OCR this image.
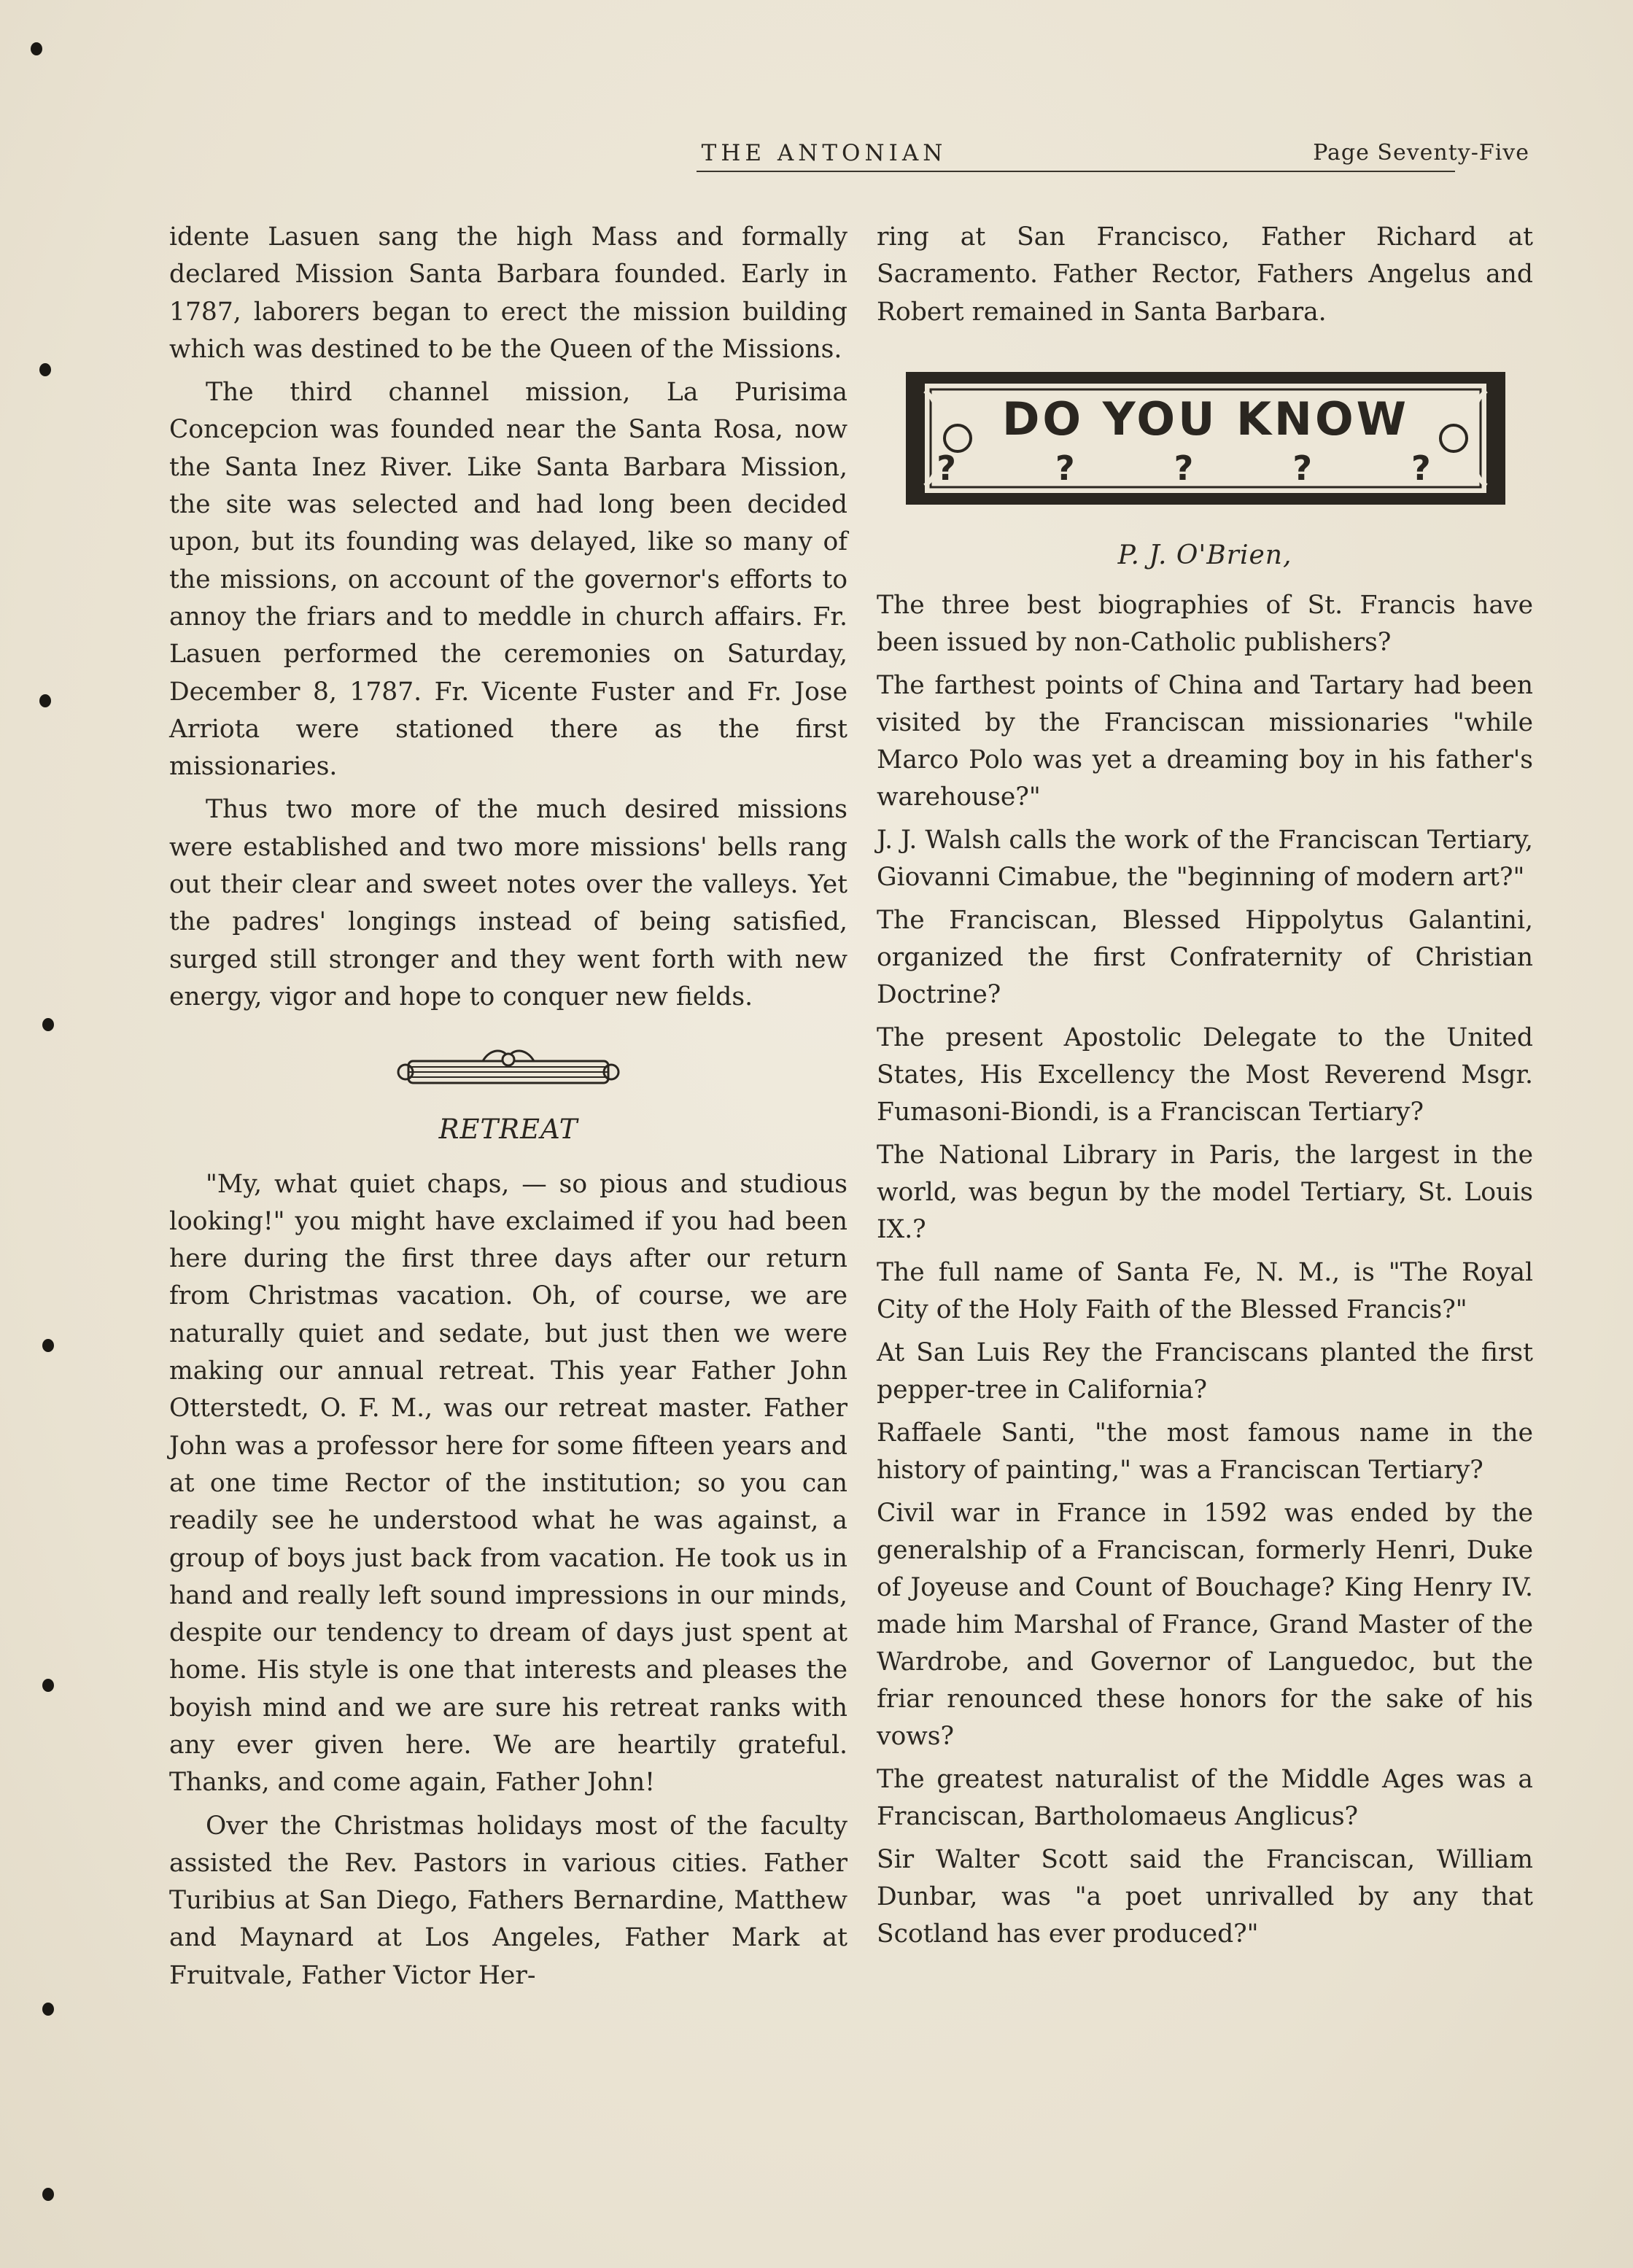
THE ANTONIAN	Page Seventy-Five

idente Lasuen sang the high Mass and formally declared Mission Santa Barbara founded. Early in 1787, laborers began to erect the mission building which was destined to be the Queen of the Missions.

The third channel mission, La Purisima Concepcion was founded near the Santa Rosa, now the Santa Inez River. Like Santa Barbara Mission, the site was selected and had long been decided upon, but its founding was delayed, like so many of the missions, on account of the governor's efforts to annoy the friars and to meddle in church affairs. Fr. Lasuen performed the ceremonies on Saturday, December 8, 1787. Fr. Vicente Fuster and Fr. Jose Arriota were stationed there as the first missionaries.

Thus two more of the much desired missions were established and two more missions' bells rang out their clear and sweet notes over the valleys. Yet the padres' longings instead of being satisfied, surged still stronger and they went forth with new energy, vigor and hope to conquer new fields.

RETREAT

"My, what quiet chaps, — so pious and studious looking!" you might have exclaimed if you had been here during the first three days after our return from Christmas vacation. Oh, of course, we are naturally quiet and sedate, but just then we were making our annual retreat. This year Father John Otterstedt, O. F. M., was our retreat master. Father John was a professor here for some fifteen years and at one time Rector of the institution; so you can readily see he understood what he was against, a group of boys just back from vacation. He took us in hand and really left sound impressions in our minds, despite our tendency to dream of days just spent at home. His style is one that interests and pleases the boyish mind and we are sure his retreat ranks with any ever given here. We are heartily grateful. Thanks, and come again, Father John!

Over the Christmas holidays most of the faculty assisted the Rev. Pastors in various cities. Father Turibius at San Diego, Fathers Bernardine, Matthew and Maynard at Los Angeles, Father Mark at Fruitvale, Father Victor Her-

ring at San Francisco, Father Richard at Sacramento. Father Rector, Fathers Angelus and Robert remained in Santa Barbara.

DO YOU KNOW
? ? ? ? ?
P. J. O'Brien,

The three best biographies of St. Francis have been issued by non-Catholic publishers?

The farthest points of China and Tartary had been visited by the Franciscan missionaries "while Marco Polo was yet a dreaming boy in his father's warehouse?"

J. J. Walsh calls the work of the Franciscan Tertiary, Giovanni Cimabue, the "beginning of modern art?"

The Franciscan, Blessed Hippolytus Galantini, organized the first Confraternity of Christian Doctrine?

The present Apostolic Delegate to the United States, His Excellency the Most Reverend Msgr. Fumasoni-Biondi, is a Franciscan Tertiary?

The National Library in Paris, the largest in the world, was begun by the model Tertiary, St. Louis IX.?

The full name of Santa Fe, N. M., is "The Royal City of the Holy Faith of the Blessed Francis?"

At San Luis Rey the Franciscans planted the first pepper-tree in California?

Raffaele Santi, "the most famous name in the history of painting," was a Franciscan Tertiary?

Civil war in France in 1592 was ended by the generalship of a Franciscan, formerly Henri, Duke of Joyeuse and Count of Bouchage? King Henry IV. made him Marshal of France, Grand Master of the Wardrobe, and Governor of Languedoc, but the friar renounced these honors for the sake of his vows?

The greatest naturalist of the Middle Ages was a Franciscan, Bartholomaeus Anglicus?

Sir Walter Scott said the Franciscan, William Dunbar, was "a poet unrivalled by any that Scotland has ever produced?"
